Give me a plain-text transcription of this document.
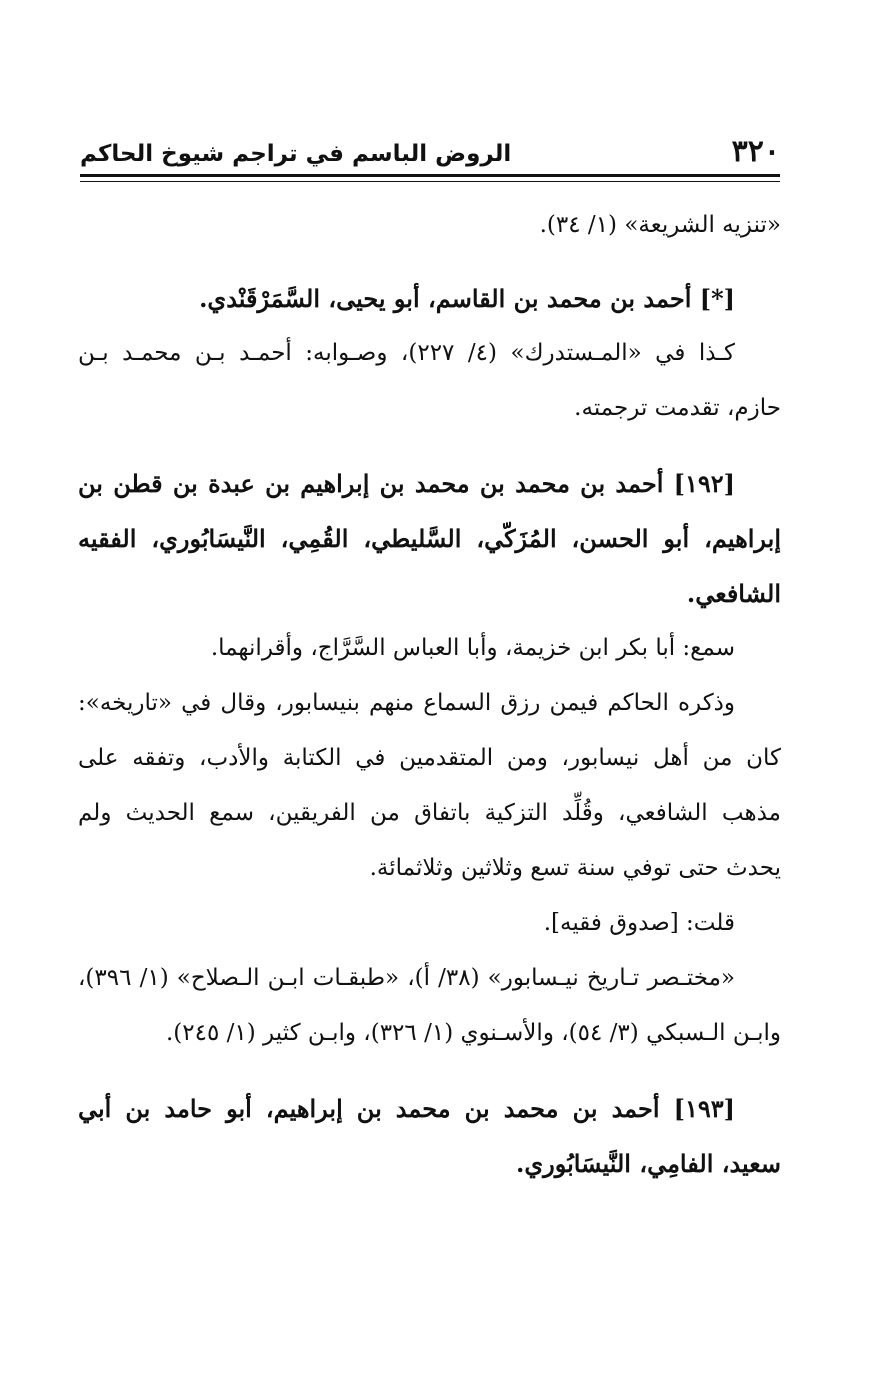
٣٢٠
الروض الباسم في تراجم شيوخ الحاكم

«تنزيه الشريعة» (١/ ٣٤).

[*] أحمد بن محمد بن القاسم، أبو يحيى، السَّمَرْقَنْدي.

كـذا في «المـستدرك» (٤/ ٢٢٧)، وصـوابه: أحمـد بـن محمـد بـن حازم، تقدمت ترجمته.

[١٩٢] أحمد بن محمد بن محمد بن إبراهيم بن عبدة بن قطن بن إبراهيم، أبو الحسن، المُزَكّي، السَّليطي، القُمِي، النَّيسَابُوري، الفقيه الشافعي.

سمع: أبا بكر ابن خزيمة، وأبا العباس السَّرَّاج، وأقرانهما.

وذكره الحاكم فيمن رزق السماع منهم بنيسابور، وقال في «تاريخه»: كان من أهل نيسابور، ومن المتقدمين في الكتابة والأدب، وتفقه على مذهب الشافعي، وقُلِّد التزكية باتفاق من الفريقين، سمع الحديث ولم يحدث حتى توفي سنة تسع وثلاثين وثلاثمائة.

قلت: [صدوق فقيه].

«مختـصر تـاريخ نيـسابور» (٣٨/ أ)، «طبقـات ابـن الـصلاح» (١/ ٣٩٦)، وابـن الـسبكي (٣/ ٥٤)، والأسـنوي (١/ ٣٢٦)، وابـن كثير (١/ ٢٤٥).

[١٩٣] أحمد بن محمد بن محمد بن إبراهيم، أبو حامد بن أبي سعيد، الفامِي، النَّيسَابُوري.
